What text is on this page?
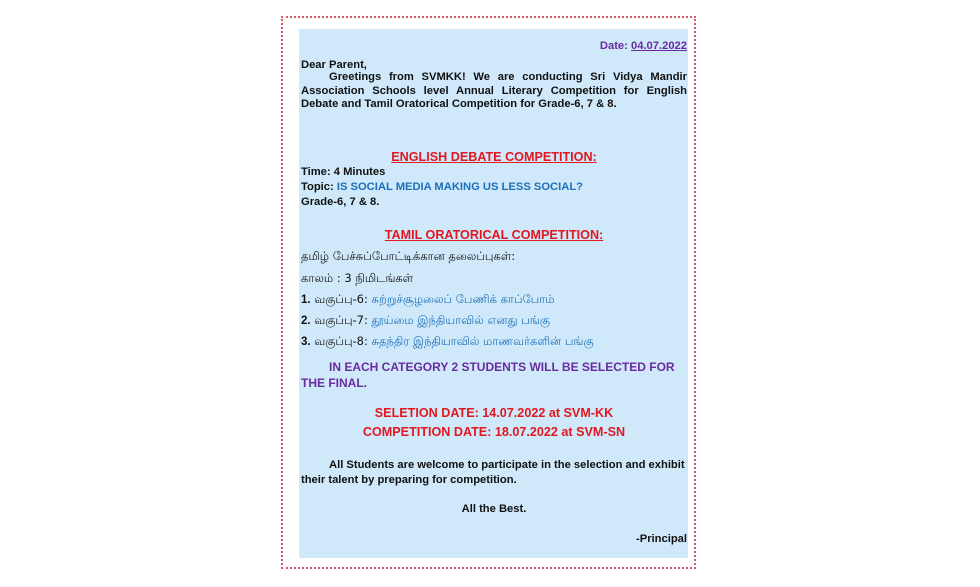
Date: 04.07.2022

Dear Parent,

Greetings from SVMKK! We are conducting Sri Vidya Mandir Association Schools level Annual Literary Competition for English Debate and Tamil Oratorical Competition for Grade-6, 7 & 8.

ENGLISH DEBATE COMPETITION:

Time: 4 Minutes

Topic: IS SOCIAL MEDIA MAKING US LESS SOCIAL?

Grade-6, 7 & 8.

TAMIL ORATORICAL COMPETITION:

தமிழ் பேச்சுப்போட்டிக்கான தலைப்புகள்:

காலம் : 3 நிமிடங்கள்

1. வகுப்பு-6: சுற்றுச்சூழலைப் பேணிக் காப்போம்

2. வகுப்பு-7: தூய்மை இந்தியாவில் எனது பங்கு

3. வகுப்பு-8: சுதந்திர இந்தியாவில் மாணவர்களின் பங்கு

IN EACH CATEGORY 2 STUDENTS WILL BE SELECTED FOR THE FINAL.

SELETION DATE: 14.07.2022 at SVM-KK

COMPETITION DATE: 18.07.2022 at SVM-SN

All Students are welcome to participate in the selection and exhibit their talent by preparing for competition.

All the Best.

-Principal
